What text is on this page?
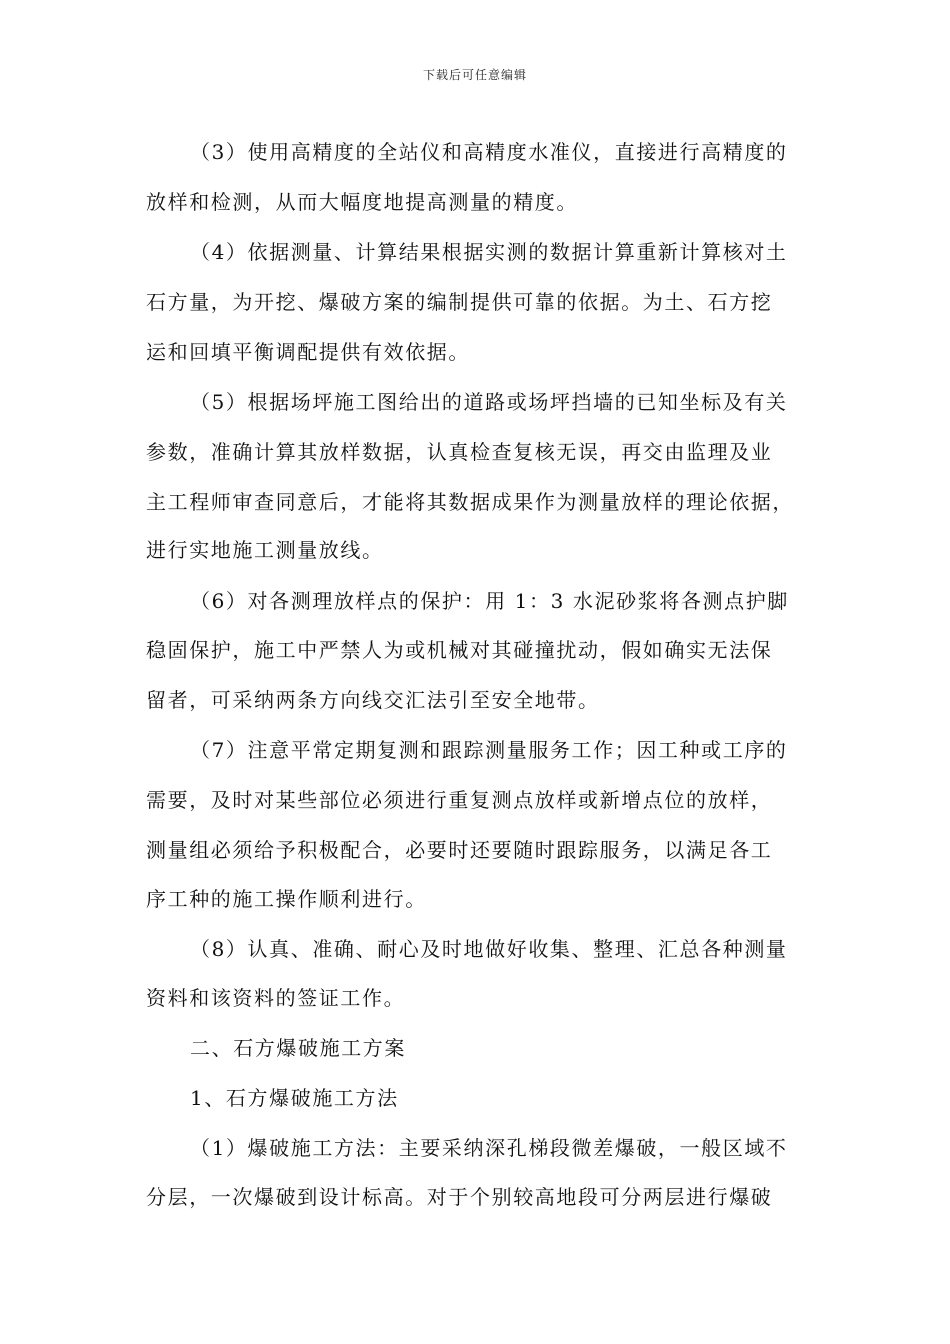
下载后可任意编辑
（3）使用高精度的全站仪和高精度水准仪，直接进行高精度的
放样和检测，从而大幅度地提高测量的精度。
（4）依据测量、计算结果根据实测的数据计算重新计算核对土
石方量，为开挖、爆破方案的编制提供可靠的依据。为土、石方挖
运和回填平衡调配提供有效依据。
（5）根据场坪施工图给出的道路或场坪挡墙的已知坐标及有关
参数，准确计算其放样数据，认真检查复核无误，再交由监理及业
主工程师审查同意后，才能将其数据成果作为测量放样的理论依据，
进行实地施工测量放线。
（6）对各测理放样点的保护：用 1：3 水泥砂浆将各测点护脚
稳固保护，施工中严禁人为或机械对其碰撞扰动，假如确实无法保
留者，可采纳两条方向线交汇法引至安全地带。
（7）注意平常定期复测和跟踪测量服务工作；因工种或工序的
需要，及时对某些部位必须进行重复测点放样或新增点位的放样，
测量组必须给予积极配合，必要时还要随时跟踪服务，以满足各工
序工种的施工操作顺利进行。
（8）认真、准确、耐心及时地做好收集、整理、汇总各种测量
资料和该资料的签证工作。
二、石方爆破施工方案
1、石方爆破施工方法
（1）爆破施工方法：主要采纳深孔梯段微差爆破，一般区域不
分层，一次爆破到设计标高。对于个别较高地段可分两层进行爆破
